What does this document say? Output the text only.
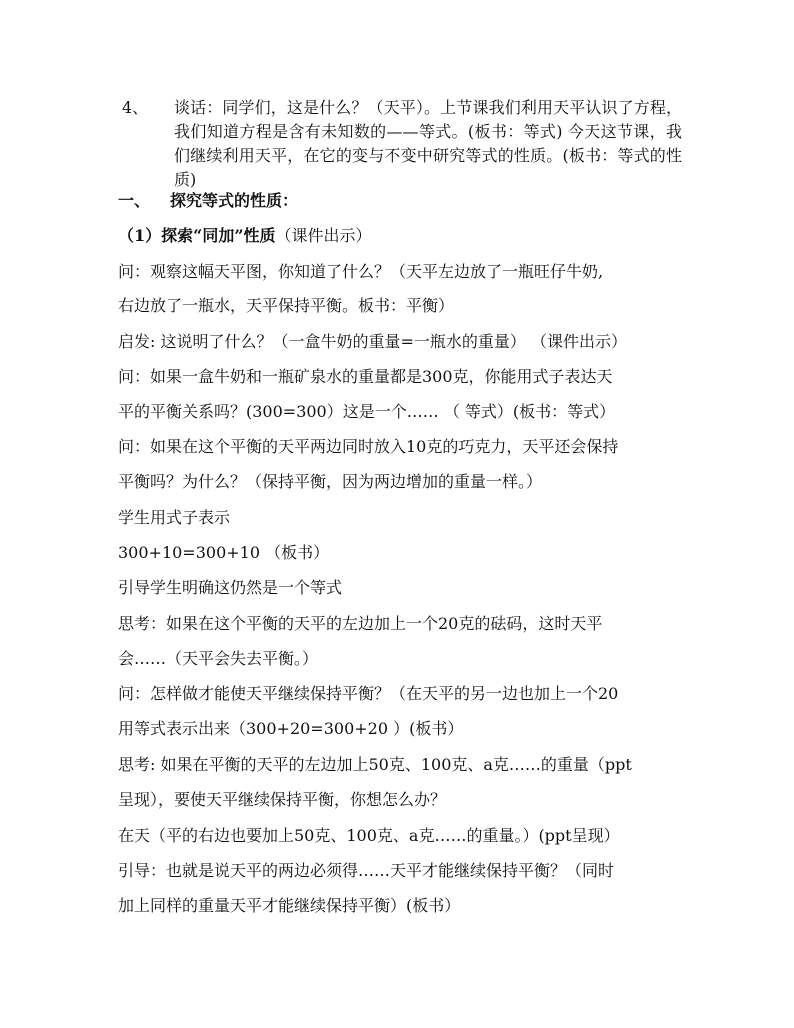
4、	谈话：同学们，这是什么？（天平）。上节课我们利用天平认识了方程，我们知道方程是含有未知数的——等式。(板书：等式) 今天这节课，我们继续利用天平，在它的变与不变中研究等式的性质。(板书：等式的性质)
一、 探究等式的性质：
（1）探索“同加”性质（课件出示）
问：观察这幅天平图，你知道了什么？（天平左边放了一瓶旺仔牛奶,
右边放了一瓶水，天平保持平衡。板书：平衡）
启发: 这说明了什么？（一盒牛奶的重量=一瓶水的重量） （课件出示）
问：如果一盒牛奶和一瓶矿泉水的重量都是300克，你能用式子表达天
平的平衡关系吗？(300=300）这是一个…… （ 等式）(板书：等式）
问：如果在这个平衡的天平两边同时放入10克的巧克力，天平还会保持
平衡吗？为什么？（保持平衡，因为两边增加的重量一样。）
学生用式子表示
300+10=300+10 （板书）
引导学生明确这仍然是一个等式
思考：如果在这个平衡的天平的左边加上一个20克的砝码，这时天平
会……（天平会失去平衡。）
问：怎样做才能使天平继续保持平衡？（在天平的另一边也加上一个20
用等式表示出来（300+20=300+20 ）(板书）
思考: 如果在平衡的天平的左边加上50克、100克、a克……的重量（ppt
呈现），要使天平继续保持平衡，你想怎么办？
在天（平的右边也要加上50克、100克、a克……的重量。）(ppt呈现）
引导：也就是说天平的两边必须得……天平才能继续保持平衡？（同时
加上同样的重量天平才能继续保持平衡）(板书）
